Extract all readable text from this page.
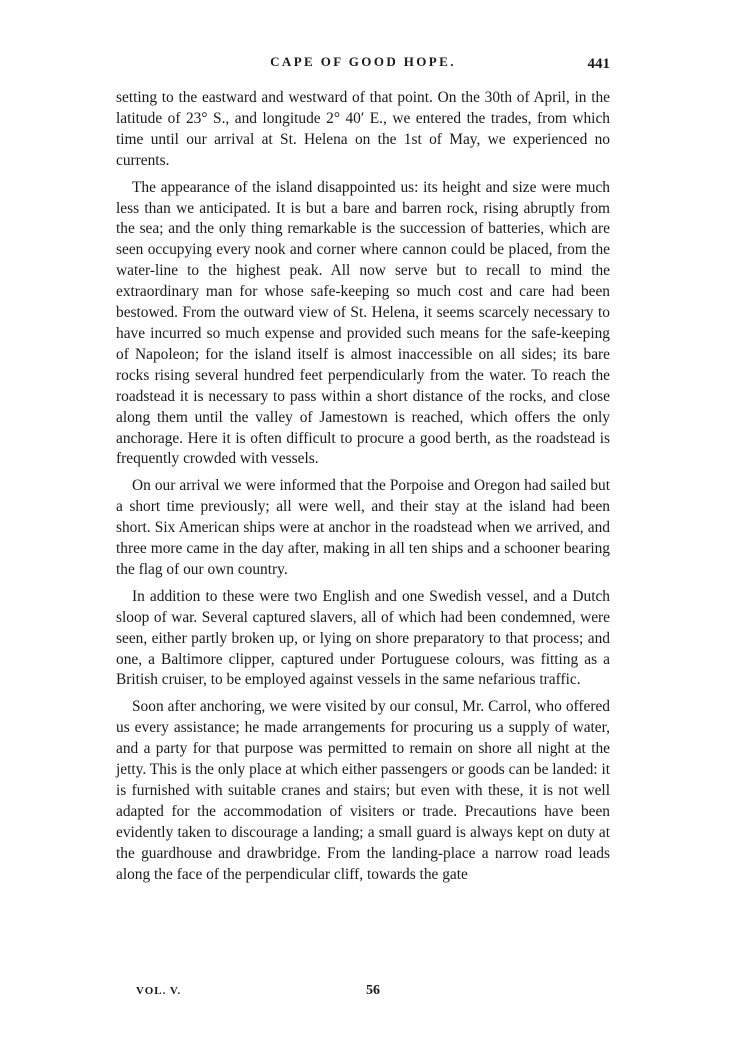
CAPE OF GOOD HOPE.	441

setting to the eastward and westward of that point. On the 30th of April, in the latitude of 23° S., and longitude 2° 40′ E., we entered the trades, from which time until our arrival at St. Helena on the 1st of May, we experienced no currents.

The appearance of the island disappointed us: its height and size were much less than we anticipated. It is but a bare and barren rock, rising abruptly from the sea; and the only thing remarkable is the succession of batteries, which are seen occupying every nook and corner where cannon could be placed, from the water-line to the highest peak. All now serve but to recall to mind the extraordinary man for whose safe-keeping so much cost and care had been bestowed. From the outward view of St. Helena, it seems scarcely necessary to have incurred so much expense and provided such means for the safe-keeping of Napoleon; for the island itself is almost inaccessible on all sides; its bare rocks rising several hundred feet perpendicularly from the water. To reach the roadstead it is necessary to pass within a short distance of the rocks, and close along them until the valley of Jamestown is reached, which offers the only anchorage. Here it is often difficult to procure a good berth, as the roadstead is frequently crowded with vessels.

On our arrival we were informed that the Porpoise and Oregon had sailed but a short time previously; all were well, and their stay at the island had been short. Six American ships were at anchor in the roadstead when we arrived, and three more came in the day after, making in all ten ships and a schooner bearing the flag of our own country.

In addition to these were two English and one Swedish vessel, and a Dutch sloop of war. Several captured slavers, all of which had been condemned, were seen, either partly broken up, or lying on shore preparatory to that process; and one, a Baltimore clipper, captured under Portuguese colours, was fitting as a British cruiser, to be employed against vessels in the same nefarious traffic.

Soon after anchoring, we were visited by our consul, Mr. Carrol, who offered us every assistance; he made arrangements for procuring us a supply of water, and a party for that purpose was permitted to remain on shore all night at the jetty. This is the only place at which either passengers or goods can be landed: it is furnished with suitable cranes and stairs; but even with these, it is not well adapted for the accommodation of visiters or trade. Precautions have been evidently taken to discourage a landing; a small guard is always kept on duty at the guardhouse and drawbridge. From the landing-place a narrow road leads along the face of the perpendicular cliff, towards the gate

VOL. V.	56
